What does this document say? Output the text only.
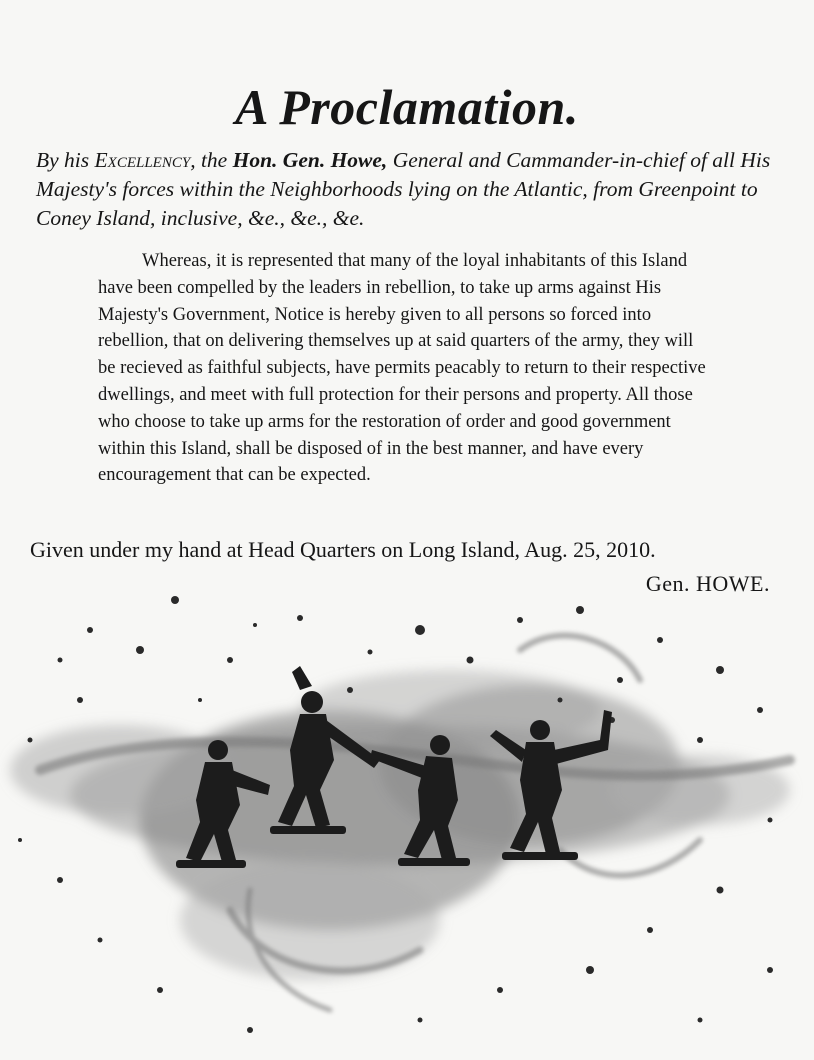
A Proclamation.

By his Excellency, the Hon. Gen. Howe, General and Cammander-in-chief of all His Majesty's forces within the Neighborhoods lying on the Atlantic, from Greenpoint to Coney Island, inclusive, &e., &e., &e.

Whereas, it is represented that many of the loyal inhabitants of this Island have been compelled by the leaders in rebellion, to take up arms against His Majesty's Government, Notice is hereby given to all persons so forced into rebellion, that on delivering themselves up at said quarters of the army, they will be recieved as faithful subjects, have permits peacably to return to their respective dwellings, and meet with full protection for their persons and property. All those who choose to take up arms for the restoration of order and good government within this Island, shall be disposed of in the best manner, and have every encouragement that can be expected.

Given under my hand at Head Quarters on Long Island, Aug. 25, 2010.

Gen. HOWE.
